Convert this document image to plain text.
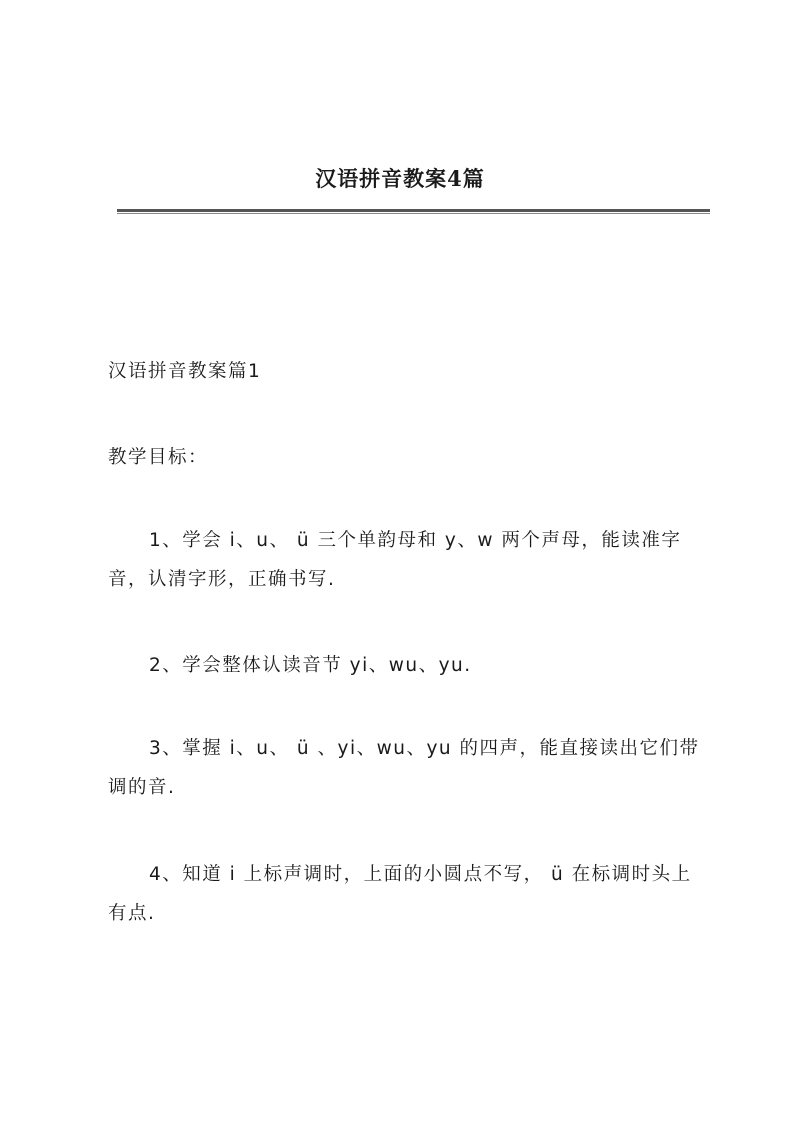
汉语拼音教案4篇

汉语拼音教案篇1

教学目标：

1、学会 i、u、 ü 三个单韵母和 y、w 两个声母，能读准字音，认清字形，正确书写.

2、学会整体认读音节 yi、wu、yu.

3、掌握 i、u、 ü 、yi、wu、yu 的四声，能直接读出它们带调的音.

4、知道 i 上标声调时，上面的小圆点不写， ü 在标调时头上有点.
